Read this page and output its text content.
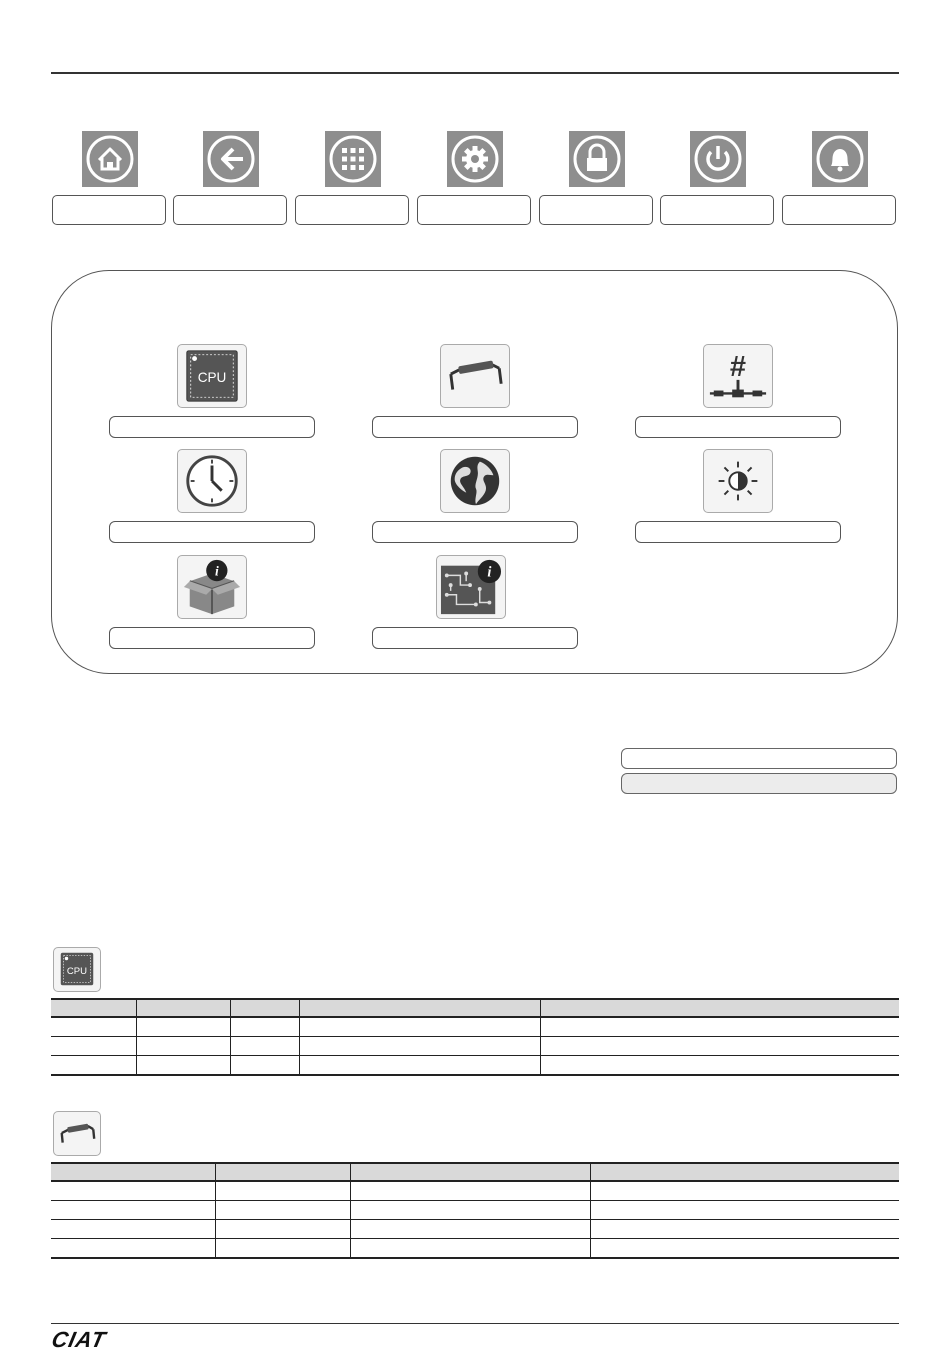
CPU	#
i	i
CPU

CIAT
